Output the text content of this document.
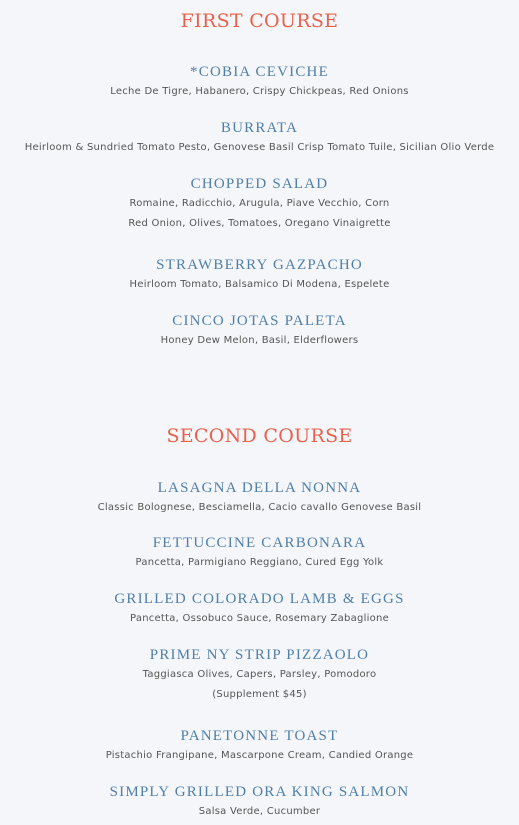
FIRST COURSE
*COBIA CEVICHE

Leche De Tigre, Habanero, Crispy Chickpeas, Red Onions

BURRATA

Heirloom & Sundried Tomato Pesto, Genovese Basil Crisp Tomato Tuile, Sicilian Olio Verde

CHOPPED SALAD

Romaine, Radicchio, Arugula, Piave Vecchio, Corn

Red Onion, Olives, Tomatoes, Oregano Vinaigrette

STRAWBERRY GAZPACHO

Heirloom Tomato, Balsamico Di Modena, Espelete

CINCO JOTAS PALETA

Honey Dew Melon, Basil, Elderflowers

SECOND COURSE
LASAGNA DELLA NONNA

Classic Bolognese, Besciamella, Cacio cavallo Genovese Basil

FETTUCCINE CARBONARA

Pancetta, Parmigiano Reggiano, Cured Egg Yolk

GRILLED COLORADO LAMB & EGGS

Pancetta, Ossobuco Sauce, Rosemary Zabaglione

PRIME NY STRIP PIZZAOLO

Taggiasca Olives, Capers, Parsley, Pomodoro

(Supplement $45)

PANETONNE TOAST

Pistachio Frangipane, Mascarpone Cream, Candied Orange

SIMPLY GRILLED ORA KING SALMON

Salsa Verde, Cucumber
